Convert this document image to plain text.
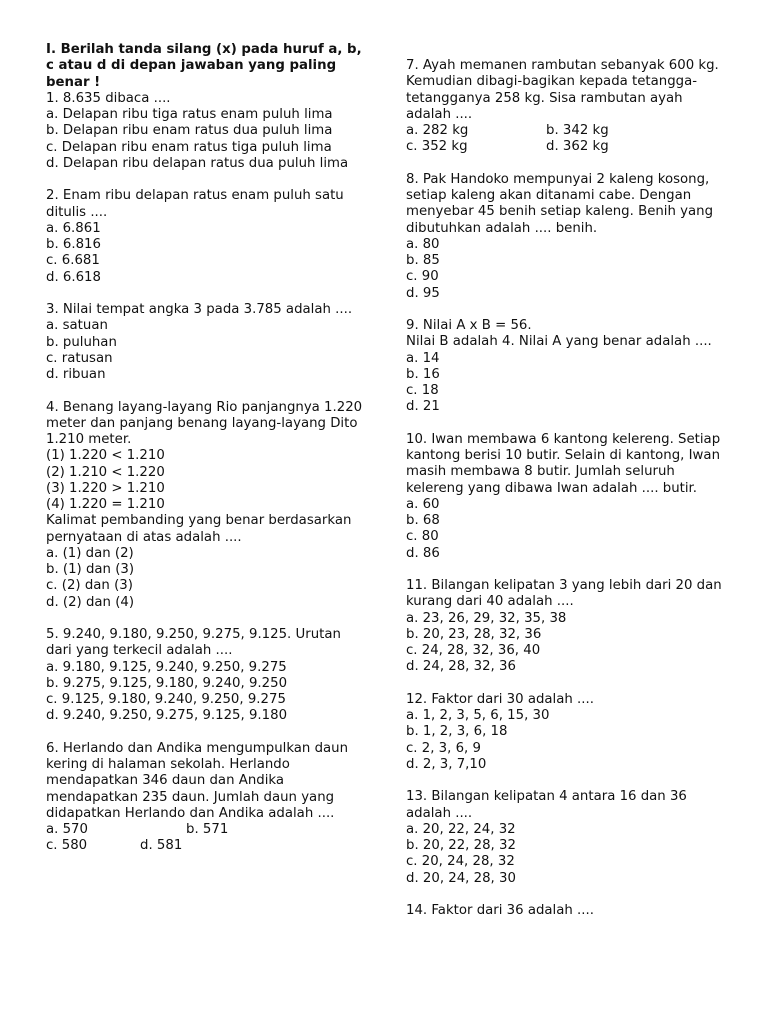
I. Berilah tanda silang (x) pada huruf a, b, c atau d di depan jawaban yang paling benar !
1. 8.635 dibaca ....
a. Delapan ribu tiga ratus enam puluh lima
b. Delapan ribu enam ratus dua puluh lima
c. Delapan ribu enam ratus tiga puluh lima
d. Delapan ribu delapan ratus dua puluh lima
2. Enam ribu delapan ratus enam puluh satu ditulis ....
a. 6.861
b. 6.816
c. 6.681
d. 6.618
3. Nilai tempat angka 3 pada 3.785 adalah ....
a. satuan
b. puluhan
c. ratusan
d. ribuan
4. Benang layang-layang Rio panjangnya 1.220 meter dan panjang benang layang-layang Dito 1.210 meter.
(1) 1.220 < 1.210
(2) 1.210 < 1.220
(3) 1.220 > 1.210
(4) 1.220 = 1.210
Kalimat pembanding yang benar berdasarkan pernyataan di atas adalah ....
a. (1) dan (2)
b. (1) dan (3)
c. (2) dan (3)
d. (2) dan (4)
5. 9.240, 9.180, 9.250, 9.275, 9.125. Urutan dari yang terkecil adalah ....
a. 9.180, 9.125, 9.240, 9.250, 9.275
b. 9.275, 9.125, 9.180, 9.240, 9.250
c. 9.125, 9.180, 9.240, 9.250, 9.275
d. 9.240, 9.250, 9.275, 9.125, 9.180
6. Herlando dan Andika mengumpulkan daun kering di halaman sekolah. Herlando mendapatkan 346 daun dan Andika mendapatkan 235 daun. Jumlah daun yang didapatkan Herlando dan Andika adalah ....
a. 570	b. 571
c. 580	d. 581
7. Ayah memanen rambutan sebanyak 600 kg. Kemudian dibagi-bagikan kepada tetangga-tetangganya 258 kg. Sisa rambutan ayah adalah ....
a. 282 kg	b. 342 kg
c. 352 kg	d. 362 kg
8. Pak Handoko mempunyai 2 kaleng kosong, setiap kaleng akan ditanami cabe. Dengan menyebar 45 benih setiap kaleng. Benih yang dibutuhkan adalah .... benih.
a. 80
b. 85
c. 90
d. 95
9. Nilai A x B = 56.
Nilai B adalah 4. Nilai A yang benar adalah ....
a. 14
b. 16
c. 18
d. 21
10. Iwan membawa 6 kantong kelereng. Setiap kantong berisi 10 butir. Selain di kantong, Iwan masih membawa 8 butir. Jumlah seluruh kelereng yang dibawa Iwan adalah .... butir.
a. 60
b. 68
c. 80
d. 86
11. Bilangan kelipatan 3 yang lebih dari 20 dan kurang dari 40 adalah ....
a. 23, 26, 29, 32, 35, 38
b. 20, 23, 28, 32, 36
c. 24, 28, 32, 36, 40
d. 24, 28, 32, 36
12. Faktor dari 30 adalah ....
a. 1, 2, 3, 5, 6, 15, 30
b. 1, 2, 3, 6, 18
c. 2, 3, 6, 9
d. 2, 3, 7,10
13. Bilangan kelipatan 4 antara 16 dan 36 adalah ....
a. 20, 22, 24, 32
b. 20, 22, 28, 32
c. 20, 24, 28, 32
d. 20, 24, 28, 30
14. Faktor dari 36 adalah ....
